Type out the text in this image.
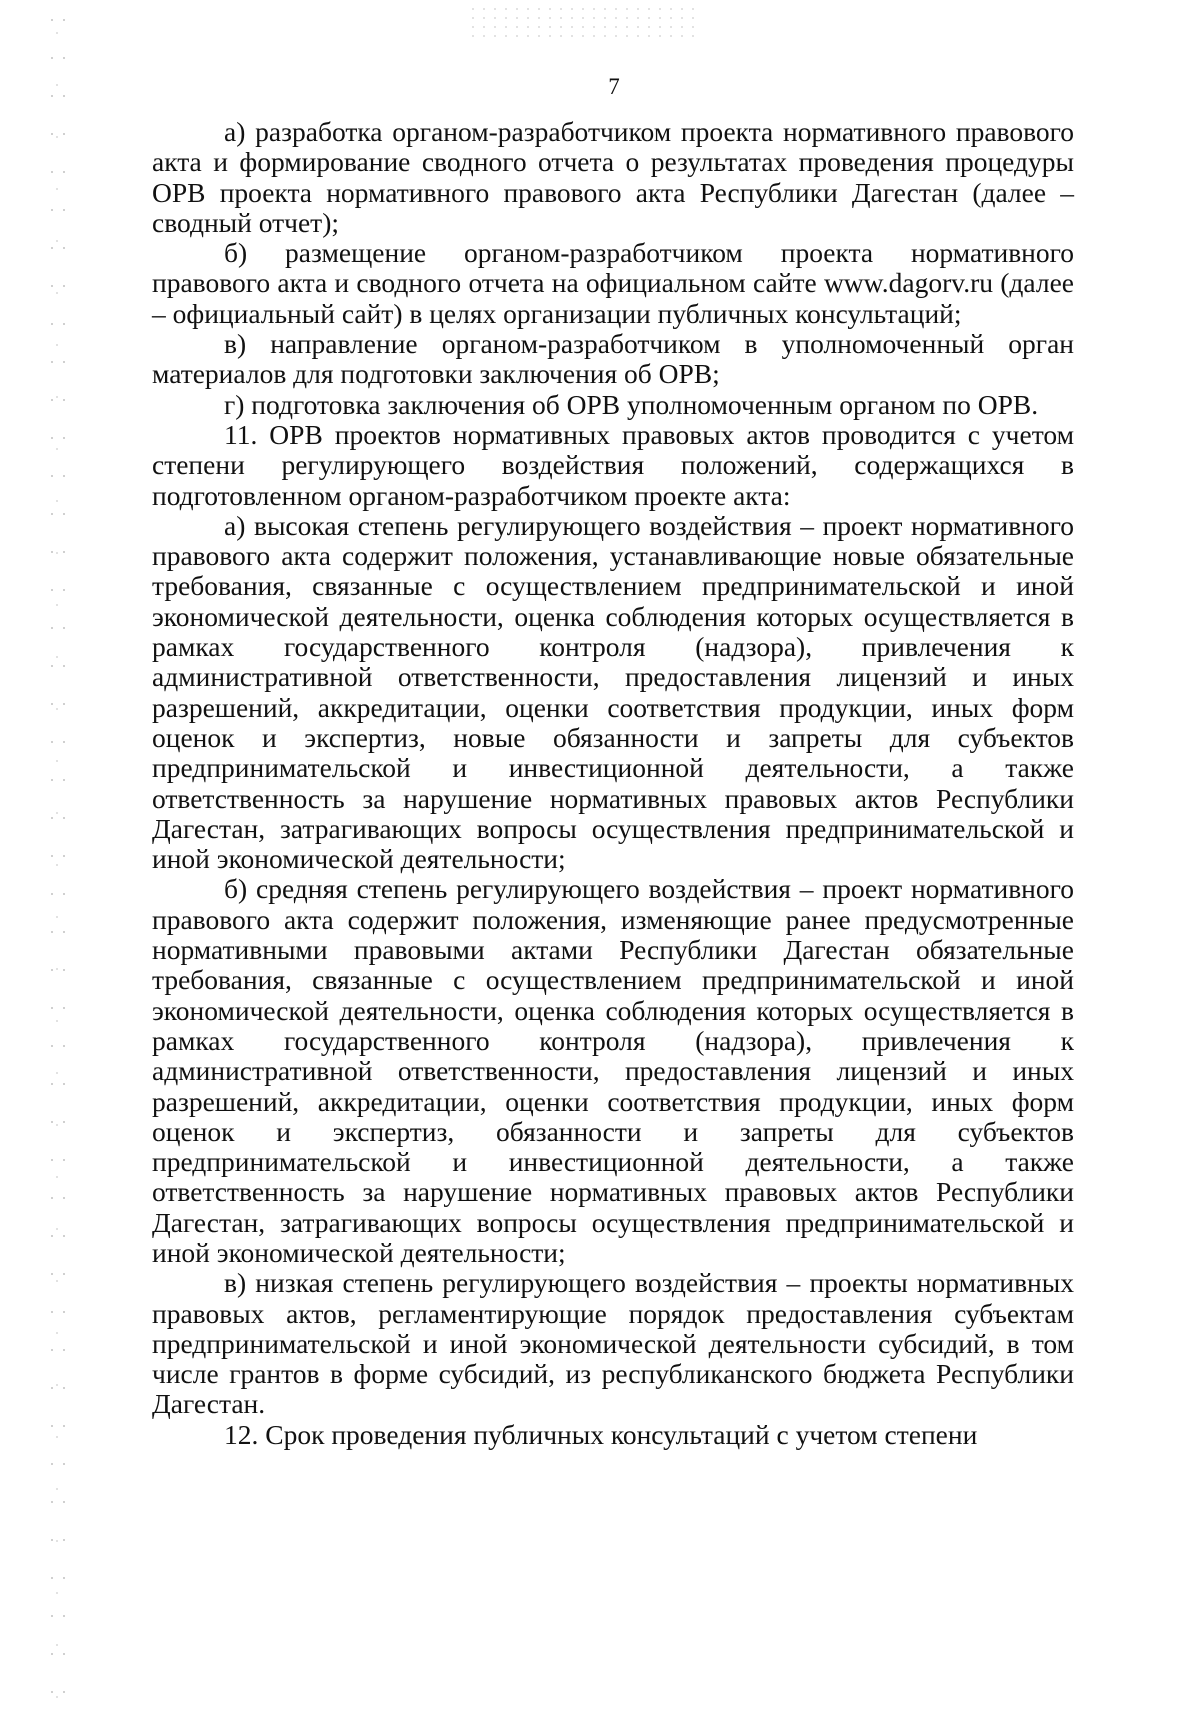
7

а) разработка органом-разработчиком проекта нормативного правового акта и формирование сводного отчета о результатах проведения процедуры ОРВ проекта нормативного правового акта Республики Дагестан (далее – сводный отчет);

б) размещение органом-разработчиком проекта нормативного правового акта и сводного отчета на официальном сайте www.dagorv.ru (далее – официальный сайт) в целях организации публичных консультаций;

в) направление органом-разработчиком в уполномоченный орган материалов для подготовки заключения об ОРВ;

г) подготовка заключения об ОРВ уполномоченным органом по ОРВ.

11. ОРВ проектов нормативных правовых актов проводится с учетом степени регулирующего воздействия положений, содержащихся в подготовленном органом-разработчиком проекте акта:

а) высокая степень регулирующего воздействия – проект нормативного правового акта содержит положения, устанавливающие новые обязательные требования, связанные с осуществлением предпринимательской и иной экономической деятельности, оценка соблюдения которых осуществляется в рамках государственного контроля (надзора), привлечения к административной ответственности, предоставления лицензий и иных разрешений, аккредитации, оценки соответствия продукции, иных форм оценок и экспертиз, новые обязанности и запреты для субъектов предпринимательской и инвестиционной деятельности, а также ответственность за нарушение нормативных правовых актов Республики Дагестан, затрагивающих вопросы осуществления предпринимательской и иной экономической деятельности;

б) средняя степень регулирующего воздействия – проект нормативного правового акта содержит положения, изменяющие ранее предусмотренные нормативными правовыми актами Республики Дагестан обязательные требования, связанные с осуществлением предпринимательской и иной экономической деятельности, оценка соблюдения которых осуществляется в рамках государственного контроля (надзора), привлечения к административной ответственности, предоставления лицензий и иных разрешений, аккредитации, оценки соответствия продукции, иных форм оценок и экспертиз, обязанности и запреты для субъектов предпринимательской и инвестиционной деятельности, а также ответственность за нарушение нормативных правовых актов Республики Дагестан, затрагивающих вопросы осуществления предпринимательской и иной экономической деятельности;

в) низкая степень регулирующего воздействия – проекты нормативных правовых актов, регламентирующие порядок предоставления субъектам предпринимательской и иной экономической деятельности субсидий, в том числе грантов в форме субсидий, из республиканского бюджета Республики Дагестан.

12. Срок проведения публичных консультаций с учетом степени
